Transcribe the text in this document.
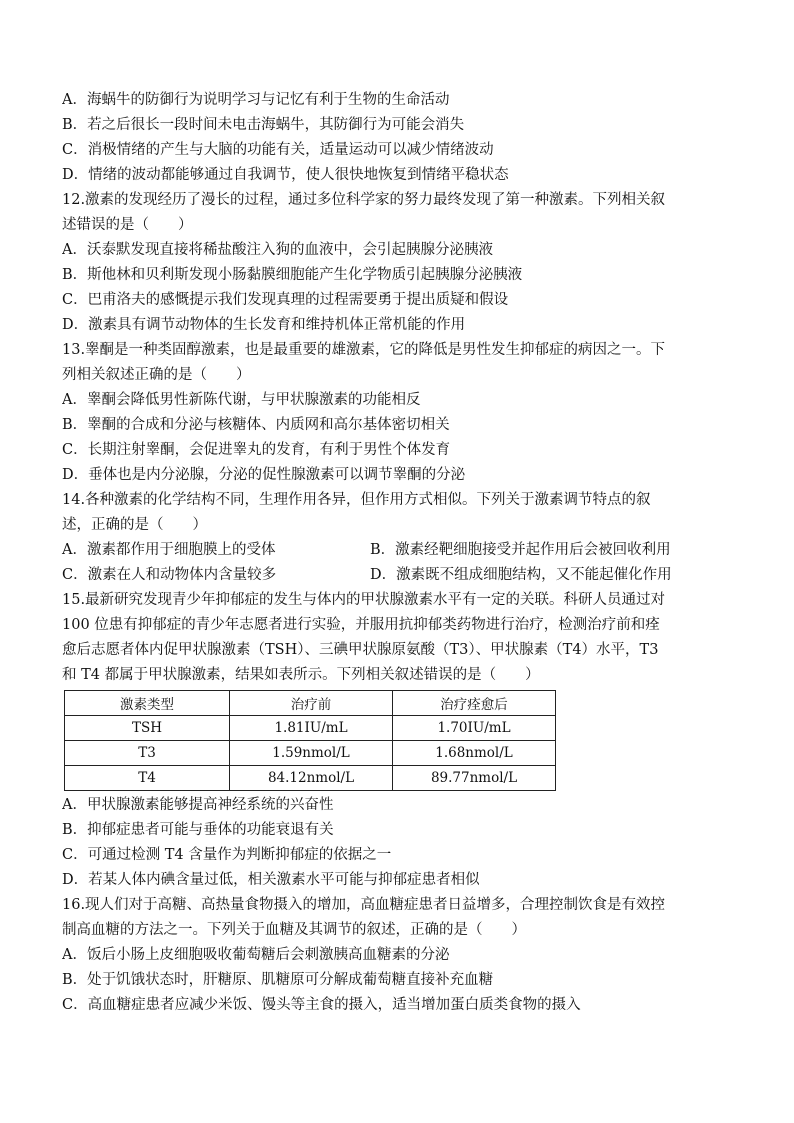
A．海蜗牛的防御行为说明学习与记忆有利于生物的生命活动
B．若之后很长一段时间未电击海蜗牛，其防御行为可能会消失
C．消极情绪的产生与大脑的功能有关，适量运动可以减少情绪波动
D．情绪的波动都能够通过自我调节，使人很快地恢复到情绪平稳状态
12.激素的发现经历了漫长的过程，通过多位科学家的努力最终发现了第一种激素。下列相关叙
述错误的是（　　）
A．沃泰默发现直接将稀盐酸注入狗的血液中，会引起胰腺分泌胰液
B．斯他林和贝利斯发现小肠黏膜细胞能产生化学物质引起胰腺分泌胰液
C．巴甫洛夫的感慨提示我们发现真理的过程需要勇于提出质疑和假设
D．激素具有调节动物体的生长发育和维持机体正常机能的作用
13.睾酮是一种类固醇激素，也是最重要的雄激素，它的降低是男性发生抑郁症的病因之一。下
列相关叙述正确的是（　　）
A．睾酮会降低男性新陈代谢，与甲状腺激素的功能相反
B．睾酮的合成和分泌与核糖体、内质网和高尔基体密切相关
C．长期注射睾酮，会促进睾丸的发育，有利于男性个体发育
D．垂体也是内分泌腺，分泌的促性腺激素可以调节睾酮的分泌
14.各种激素的化学结构不同，生理作用各异，但作用方式相似。下列关于激素调节特点的叙
述，正确的是（　　）
A．激素都作用于细胞膜上的受体	B．激素经靶细胞接受并起作用后会被回收利用
C．激素在人和动物体内含量较多	D．激素既不组成细胞结构，又不能起催化作用
15.最新研究发现青少年抑郁症的发生与体内的甲状腺激素水平有一定的关联。科研人员通过对
100 位患有抑郁症的青少年志愿者进行实验，并服用抗抑郁类药物进行治疗，检测治疗前和痊
愈后志愿者体内促甲状腺激素（TSH）、三碘甲状腺原氨酸（T3）、甲状腺素（T4）水平，T3
和 T4 都属于甲状腺激素，结果如表所示。下列相关叙述错误的是（　　）
激素类型	治疗前	治疗痊愈后
TSH	1.81IU/mL	1.70IU/mL
T3	1.59nmol/L	1.68nmol/L
T4	84.12nmol/L	89.77nmol/L
A．甲状腺激素能够提高神经系统的兴奋性
B．抑郁症患者可能与垂体的功能衰退有关
C．可通过检测 T4 含量作为判断抑郁症的依据之一
D．若某人体内碘含量过低，相关激素水平可能与抑郁症患者相似
16.现人们对于高糖、高热量食物摄入的增加，高血糖症患者日益增多，合理控制饮食是有效控
制高血糖的方法之一。下列关于血糖及其调节的叙述，正确的是（　　）
A．饭后小肠上皮细胞吸收葡萄糖后会刺激胰高血糖素的分泌
B．处于饥饿状态时，肝糖原、肌糖原可分解成葡萄糖直接补充血糖
C．高血糖症患者应减少米饭、馒头等主食的摄入，适当增加蛋白质类食物的摄入
